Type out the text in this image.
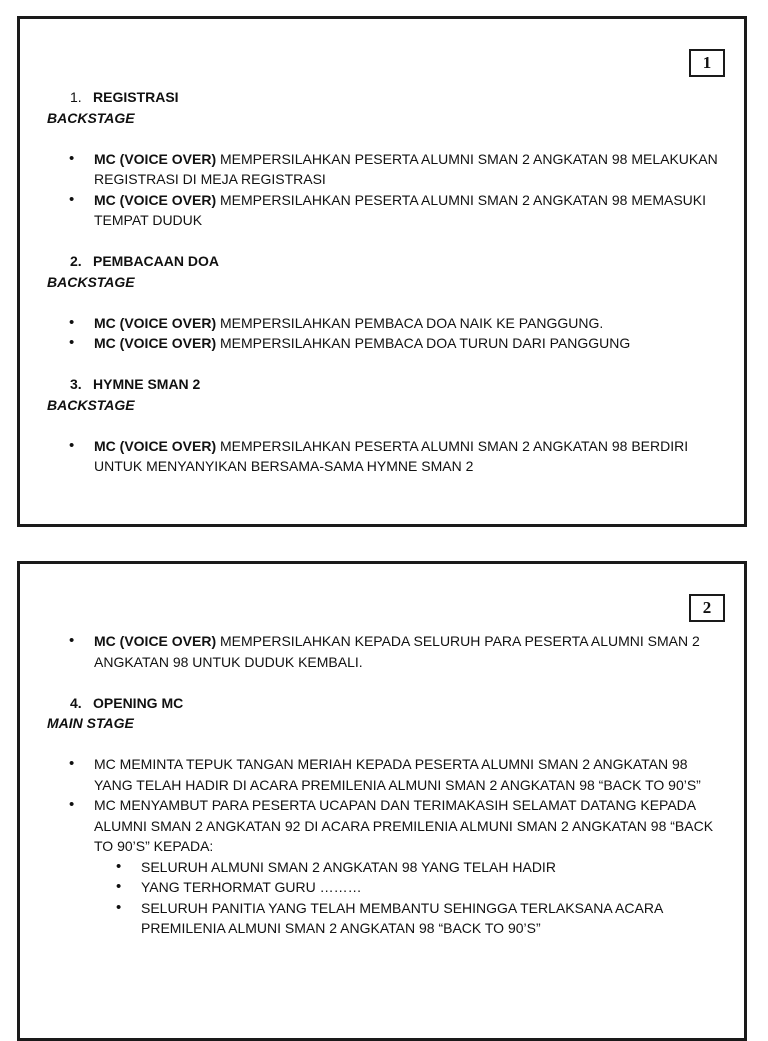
1
1. REGISTRASI

BACKSTAGE

• MC (VOICE OVER) MEMPERSILAHKAN PESERTA ALUMNI SMAN 2 ANGKATAN 98 MELAKUKAN REGISTRASI DI MEJA REGISTRASI
• MC (VOICE OVER) MEMPERSILAHKAN PESERTA ALUMNI SMAN 2 ANGKATAN 98 MEMASUKI TEMPAT DUDUK
2. PEMBACAAN DOA

BACKSTAGE

• MC (VOICE OVER) MEMPERSILAHKAN PEMBACA DOA NAIK KE PANGGUNG.
• MC (VOICE OVER) MEMPERSILAHKAN PEMBACA DOA TURUN DARI PANGGUNG
3. HYMNE SMAN 2

BACKSTAGE

• MC (VOICE OVER) MEMPERSILAHKAN PESERTA ALUMNI SMAN 2 ANGKATAN 98 BERDIRI UNTUK MENYANYIKAN BERSAMA-SAMA HYMNE SMAN 2
2
• MC (VOICE OVER) MEMPERSILAHKAN KEPADA SELURUH PARA PESERTA ALUMNI SMAN 2 ANGKATAN 98 UNTUK DUDUK KEMBALI.
4. OPENING MC

MAIN STAGE

• MC MEMINTA TEPUK TANGAN MERIAH KEPADA PESERTA ALUMNI SMAN 2 ANGKATAN 98 YANG TELAH HADIR DI ACARA PREMILENIA ALMUNI SMAN 2 ANGKATAN 98 “BACK TO 90’S”
• MC MENYAMBUT PARA PESERTA UCAPAN DAN TERIMAKASIH SELAMAT DATANG KEPADA ALUMNI SMAN 2 ANGKATAN 92 DI ACARA PREMILENIA ALMUNI SMAN 2 ANGKATAN 98 “BACK TO 90’S” KEPADA:
• SELURUH ALMUNI SMAN 2 ANGKATAN 98 YANG TELAH HADIR
• YANG TERHORMAT GURU ………
• SELURUH PANITIA YANG TELAH MEMBANTU SEHINGGA TERLAKSANA ACARA PREMILENIA ALMUNI SMAN 2 ANGKATAN 98 “BACK TO 90’S”
